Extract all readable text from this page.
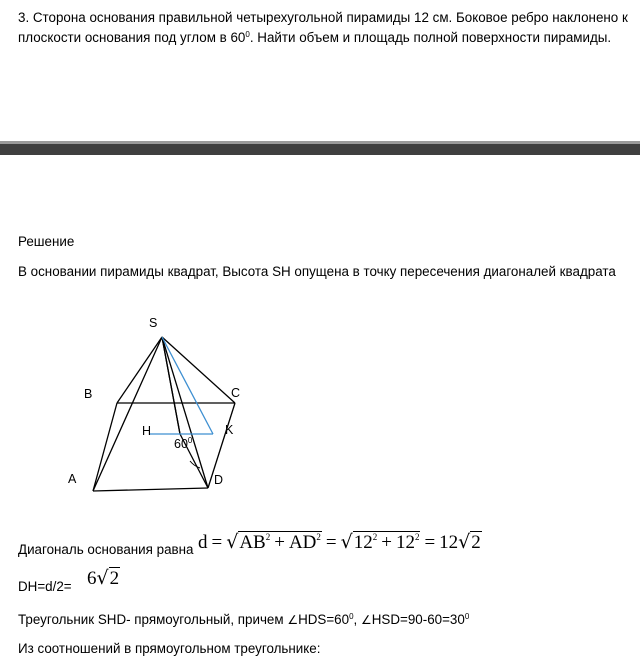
3. Сторона основания правильной четырехугольной пирамиды 12 см. Боковое ребро наклонено к плоскости основания под углом в $60^0$. Найти объем и площадь полной поверхности пирамиды.

Решение

В основании пирамиды квадрат, Высота SH опущена в точку пересечения диагоналей квадрата

S
B	C
H	K
A	D
$60^0$

Диагональ основания равна $d = √AB^2 + AD^2 = √12^2 + 12^2 = 12√2$

DH=d/2= 6√2

Треугольник SHD- прямоугольный, причем $\angle HDS=60^0$, $\angle HSD=90-60=30^0$

Из соотношений в прямоугольном треугольнике:
